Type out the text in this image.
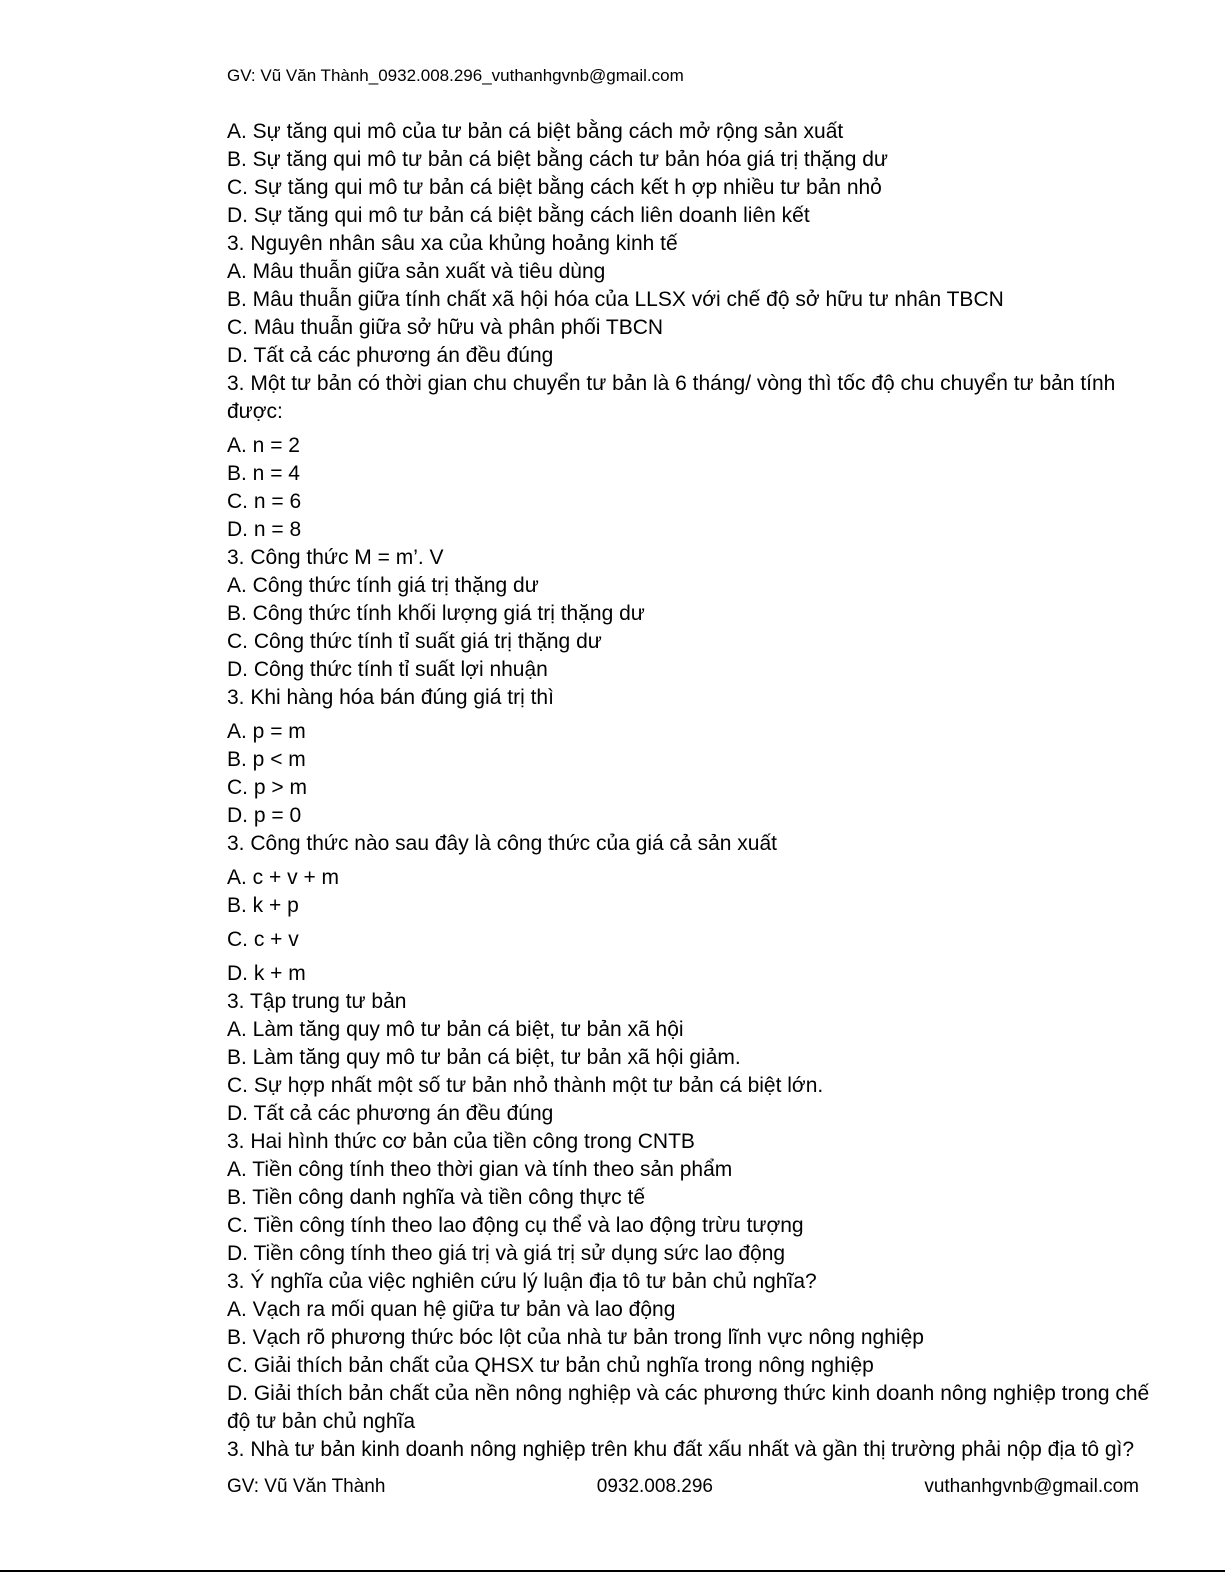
GV: Vũ Văn Thành_0932.008.296_vuthanhgvnb@gmail.com
A. Sự tăng qui mô của tư bản cá biệt bằng cách mở rộng sản xuất
B. Sự tăng qui mô tư bản cá biệt bằng cách tư bản hóa giá trị thặng dư
C. Sự tăng qui mô tư bản cá biệt bằng cách kết h ợp nhiều tư bản nhỏ
D. Sự tăng qui mô tư bản cá biệt bằng cách liên doanh liên kết
3. Nguyên nhân sâu xa của khủng hoảng kinh tế
A. Mâu thuẫn giữa sản xuất và tiêu dùng
B. Mâu thuẫn giữa tính chất xã hội hóa của LLSX với chế độ sở hữu tư nhân TBCN
C. Mâu thuẫn giữa sở hữu và phân phối TBCN
D. Tất cả các phương án đều đúng
3. Một tư bản có thời gian chu chuyển tư bản là 6 tháng/ vòng thì tốc độ chu chuyển tư bản tính được:
A. n = 2
B. n = 4
C. n = 6
D. n = 8
3. Công thức M = m’. V
A. Công thức tính giá trị thặng dư
B. Công thức tính khối lượng giá trị thặng dư
C. Công thức tính tỉ suất giá trị thặng dư
D. Công thức tính tỉ suất lợi nhuận
3. Khi hàng hóa bán đúng giá trị thì
A. p = m
B. p < m
C. p > m
D. p = 0
3. Công thức nào sau đây là công thức của giá cả sản xuất
A. c + v + m
B. k + p
C. c + v
D. k + m
3. Tập trung tư bản
A. Làm tăng quy mô tư bản cá biệt, tư bản xã hội
B. Làm tăng quy mô tư bản cá biệt, tư bản xã hội giảm.
C. Sự hợp nhất một số tư bản nhỏ thành một tư bản cá biệt lớn.
D. Tất cả các phương án đều đúng
3. Hai hình thức cơ bản của tiền công trong CNTB
A. Tiền công tính theo thời gian và tính theo sản phẩm
B. Tiền công danh nghĩa và tiền công thực tế
C. Tiền công tính theo lao động cụ thể và lao động trừu tượng
D. Tiền công tính theo giá trị và giá trị sử dụng sức lao động
3. Ý nghĩa của việc nghiên cứu lý luận địa tô tư bản chủ nghĩa?
A. Vạch ra mối quan hệ giữa tư bản và lao động
B. Vạch rõ phương thức bóc lột của nhà tư bản trong lĩnh vực nông nghiệp
C. Giải thích bản chất của QHSX tư bản chủ nghĩa trong nông nghiệp
D. Giải thích bản chất của nền nông nghiệp và các phương thức kinh doanh nông nghiệp trong chế độ tư bản chủ nghĩa
3. Nhà tư bản kinh doanh nông nghiệp trên khu đất xấu nhất và gần thị trường phải nộp địa tô gì?
GV: Vũ Văn Thành	0932.008.296	vuthanhgvnb@gmail.com
